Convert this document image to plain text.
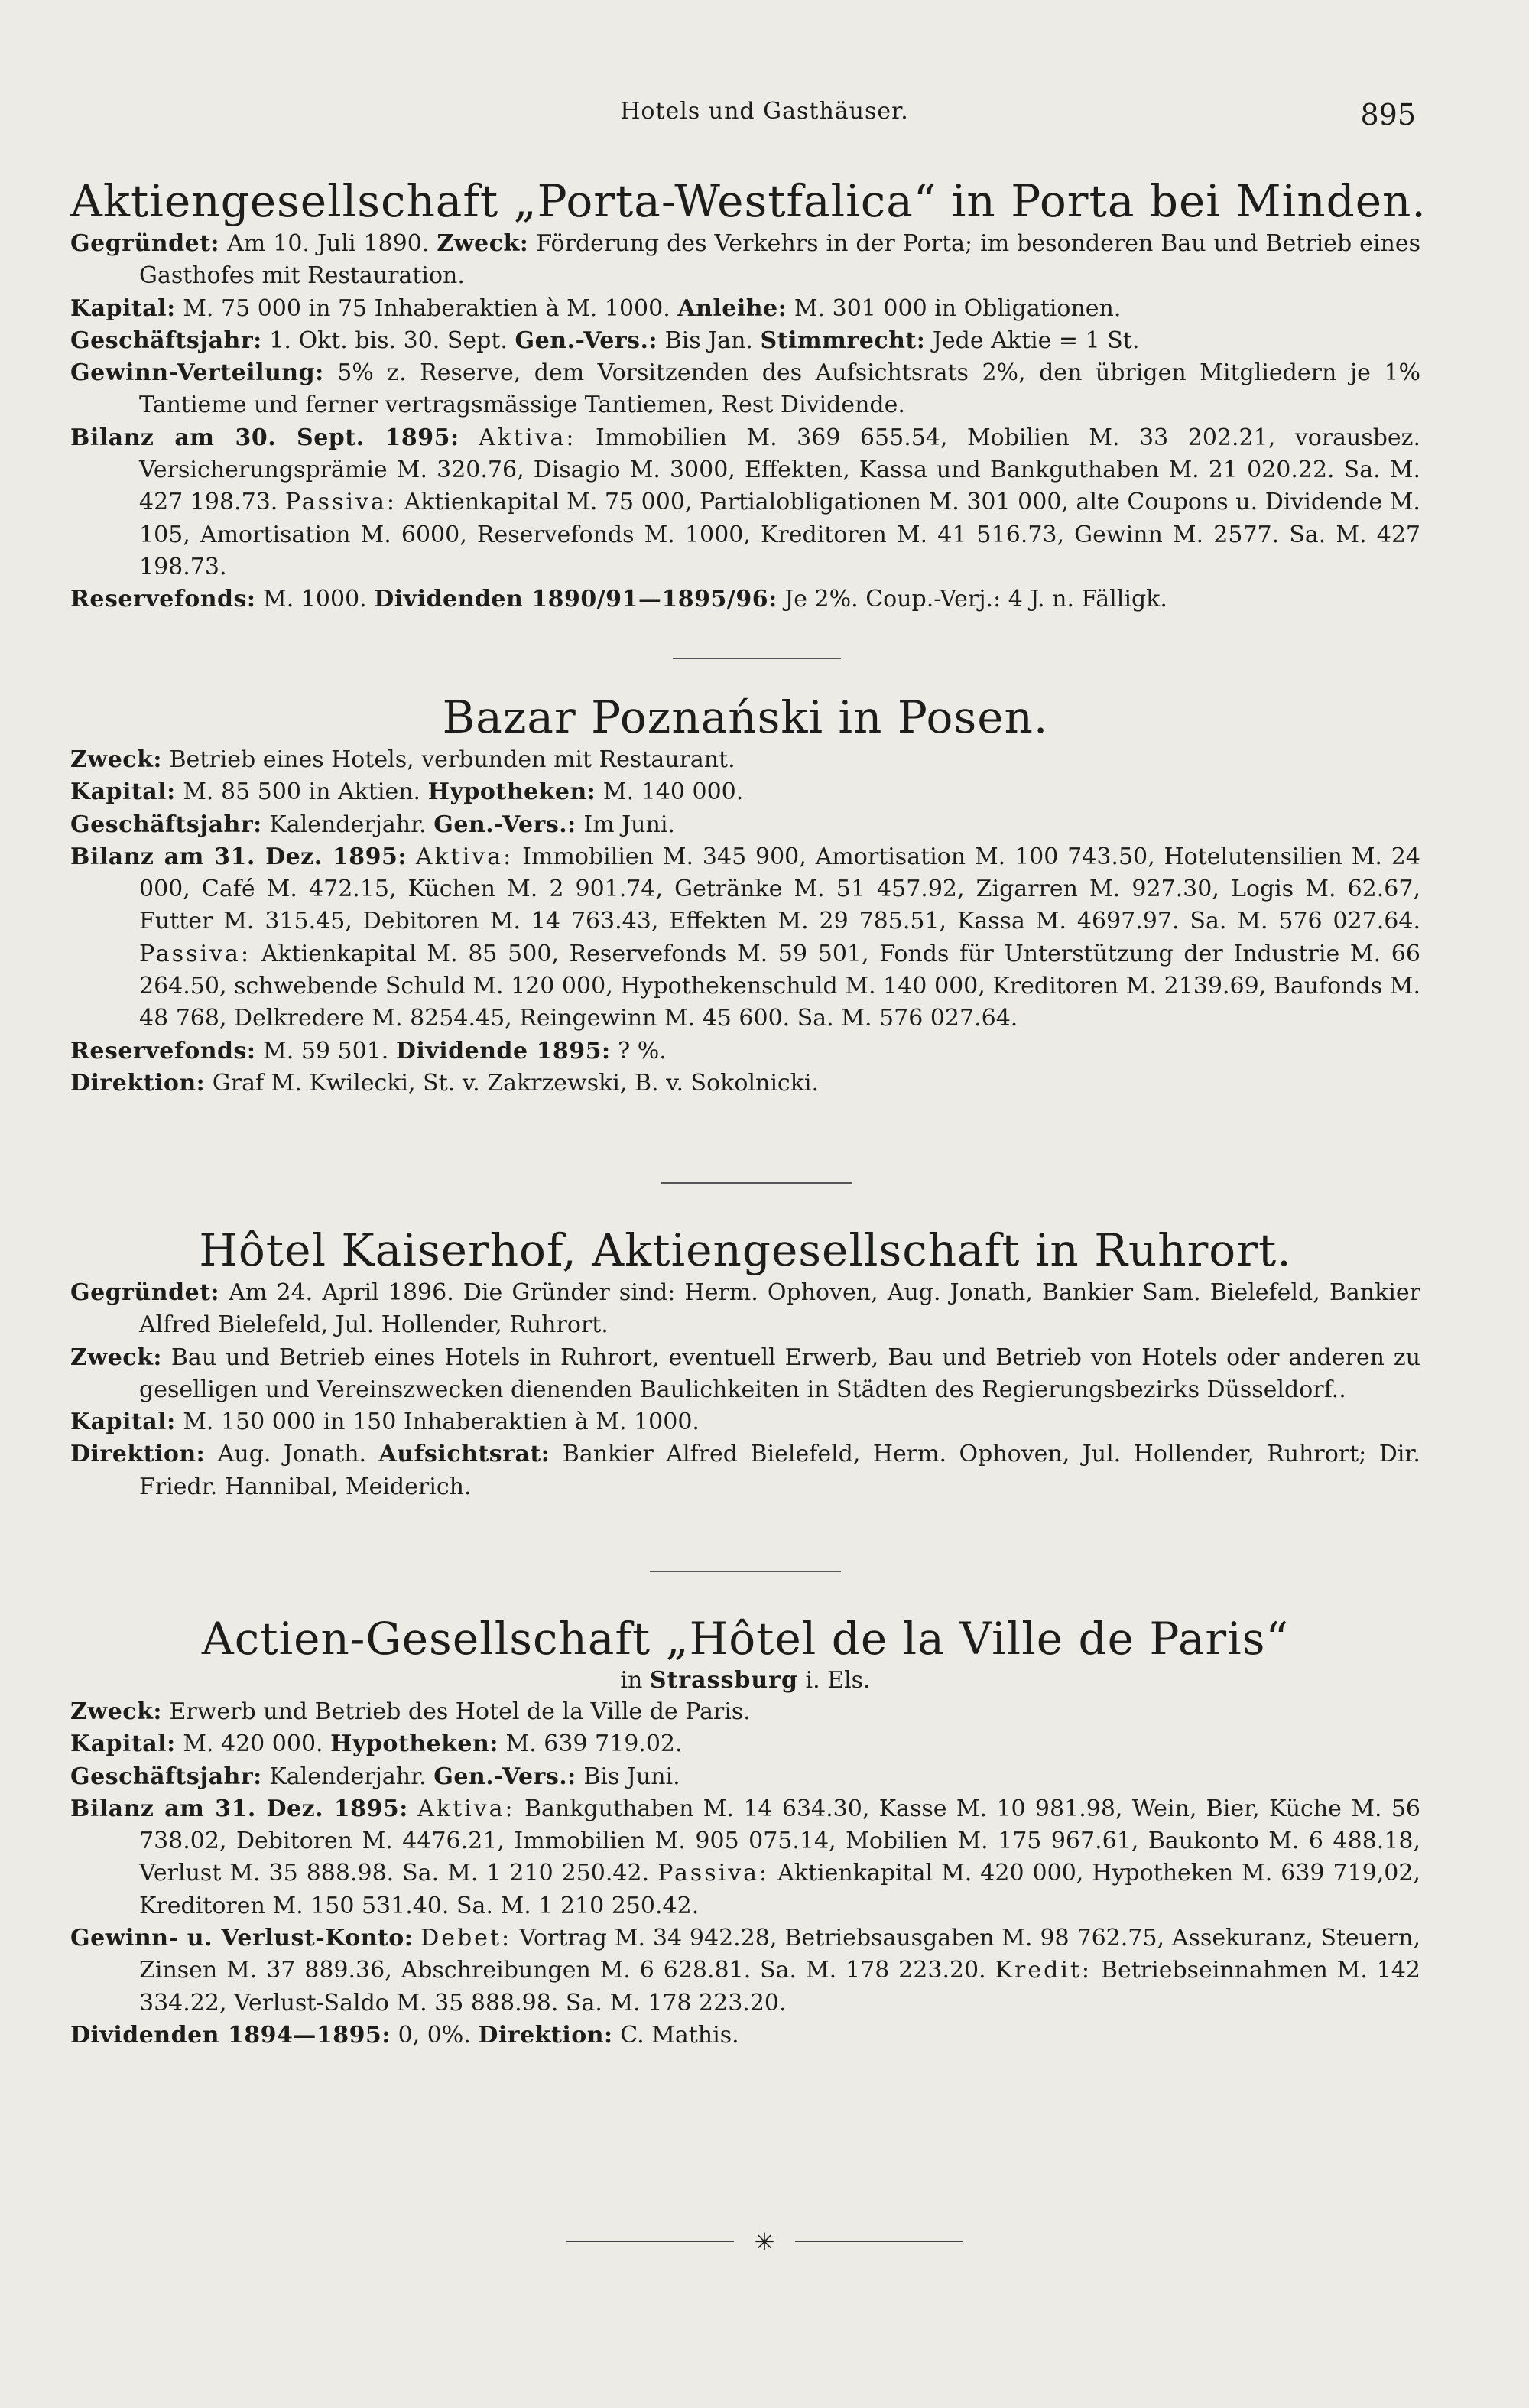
Hotels und Gasthäuser.	895
Aktiengesellschaft „Porta-Westfalica“ in Porta bei Minden.

Gegründet: Am 10. Juli 1890. Zweck: Förderung des Verkehrs in der Porta; im besonderen Bau und Betrieb eines Gasthofes mit Restauration.

Kapital: M. 75 000 in 75 Inhaberaktien à M. 1000. Anleihe: M. 301 000 in Obligationen.

Geschäftsjahr: 1. Okt. bis. 30. Sept. Gen.-Vers.: Bis Jan. Stimmrecht: Jede Aktie = 1 St.

Gewinn-Verteilung: 5% z. Reserve, dem Vorsitzenden des Aufsichtsrats 2%, den übrigen Mitgliedern je 1% Tantieme und ferner vertragsmässige Tantiemen, Rest Dividende.

Bilanz am 30. Sept. 1895: Aktiva: Immobilien M. 369 655.54, Mobilien M. 33 202.21, vorausbez. Versicherungsprämie M. 320.76, Disagio M. 3000, Effekten, Kassa und Bankguthaben M. 21 020.22. Sa. M. 427 198.73. Passiva: Aktienkapital M. 75 000, Partialobligationen M. 301 000, alte Coupons u. Dividende M. 105, Amortisation M. 6000, Reservefonds M. 1000, Kreditoren M. 41 516.73, Gewinn M. 2577. Sa. M. 427 198.73.

Reservefonds: M. 1000. Dividenden 1890/91—1895/96: Je 2%. Coup.-Verj.: 4 J. n. Fälligk.

Bazar Poznański in Posen.

Zweck: Betrieb eines Hotels, verbunden mit Restaurant.

Kapital: M. 85 500 in Aktien. Hypotheken: M. 140 000.

Geschäftsjahr: Kalenderjahr. Gen.-Vers.: Im Juni.

Bilanz am 31. Dez. 1895: Aktiva: Immobilien M. 345 900, Amortisation M. 100 743.50, Hotelutensilien M. 24 000, Café M. 472.15, Küchen M. 2 901.74, Getränke M. 51 457.92, Zigarren M. 927.30, Logis M. 62.67, Futter M. 315.45, Debitoren M. 14 763.43, Effekten M. 29 785.51, Kassa M. 4697.97. Sa. M. 576 027.64. Passiva: Aktienkapital M. 85 500, Reservefonds M. 59 501, Fonds für Unterstützung der Industrie M. 66 264.50, schwebende Schuld M. 120 000, Hypothekenschuld M. 140 000, Kreditoren M. 2139.69, Baufonds M. 48 768, Delkredere M. 8254.45, Reingewinn M. 45 600. Sa. M. 576 027.64.

Reservefonds: M. 59 501. Dividende 1895: ? %.

Direktion: Graf M. Kwilecki, St. v. Zakrzewski, B. v. Sokolnicki.

Hôtel Kaiserhof, Aktiengesellschaft in Ruhrort.

Gegründet: Am 24. April 1896. Die Gründer sind: Herm. Ophoven, Aug. Jonath, Bankier Sam. Bielefeld, Bankier Alfred Bielefeld, Jul. Hollender, Ruhrort.

Zweck: Bau und Betrieb eines Hotels in Ruhrort, eventuell Erwerb, Bau und Betrieb von Hotels oder anderen zu geselligen und Vereinszwecken dienenden Baulichkeiten in Städten des Regierungsbezirks Düsseldorf..

Kapital: M. 150 000 in 150 Inhaberaktien à M. 1000.

Direktion: Aug. Jonath. Aufsichtsrat: Bankier Alfred Bielefeld, Herm. Ophoven, Jul. Hollender, Ruhrort; Dir. Friedr. Hannibal, Meiderich.

Actien-Gesellschaft „Hôtel de la Ville de Paris“

in Strassburg i. Els.

Zweck: Erwerb und Betrieb des Hotel de la Ville de Paris.

Kapital: M. 420 000. Hypotheken: M. 639 719.02.

Geschäftsjahr: Kalenderjahr. Gen.-Vers.: Bis Juni.

Bilanz am 31. Dez. 1895: Aktiva: Bankguthaben M. 14 634.30, Kasse M. 10 981.98, Wein, Bier, Küche M. 56 738.02, Debitoren M. 4476.21, Immobilien M. 905 075.14, Mobilien M. 175 967.61, Baukonto M. 6 488.18, Verlust M. 35 888.98. Sa. M. 1 210 250.42. Passiva: Aktienkapital M. 420 000, Hypotheken M. 639 719,02, Kreditoren M. 150 531.40. Sa. M. 1 210 250.42.

Gewinn- u. Verlust-Konto: Debet: Vortrag M. 34 942.28, Betriebsausgaben M. 98 762.75, Assekuranz, Steuern, Zinsen M. 37 889.36, Abschreibungen M. 6 628.81. Sa. M. 178 223.20. Kredit: Betriebseinnahmen M. 142 334.22, Verlust-Saldo M. 35 888.98. Sa. M. 178 223.20.

Dividenden 1894—1895: 0, 0%. Direktion: C. Mathis.

✳
